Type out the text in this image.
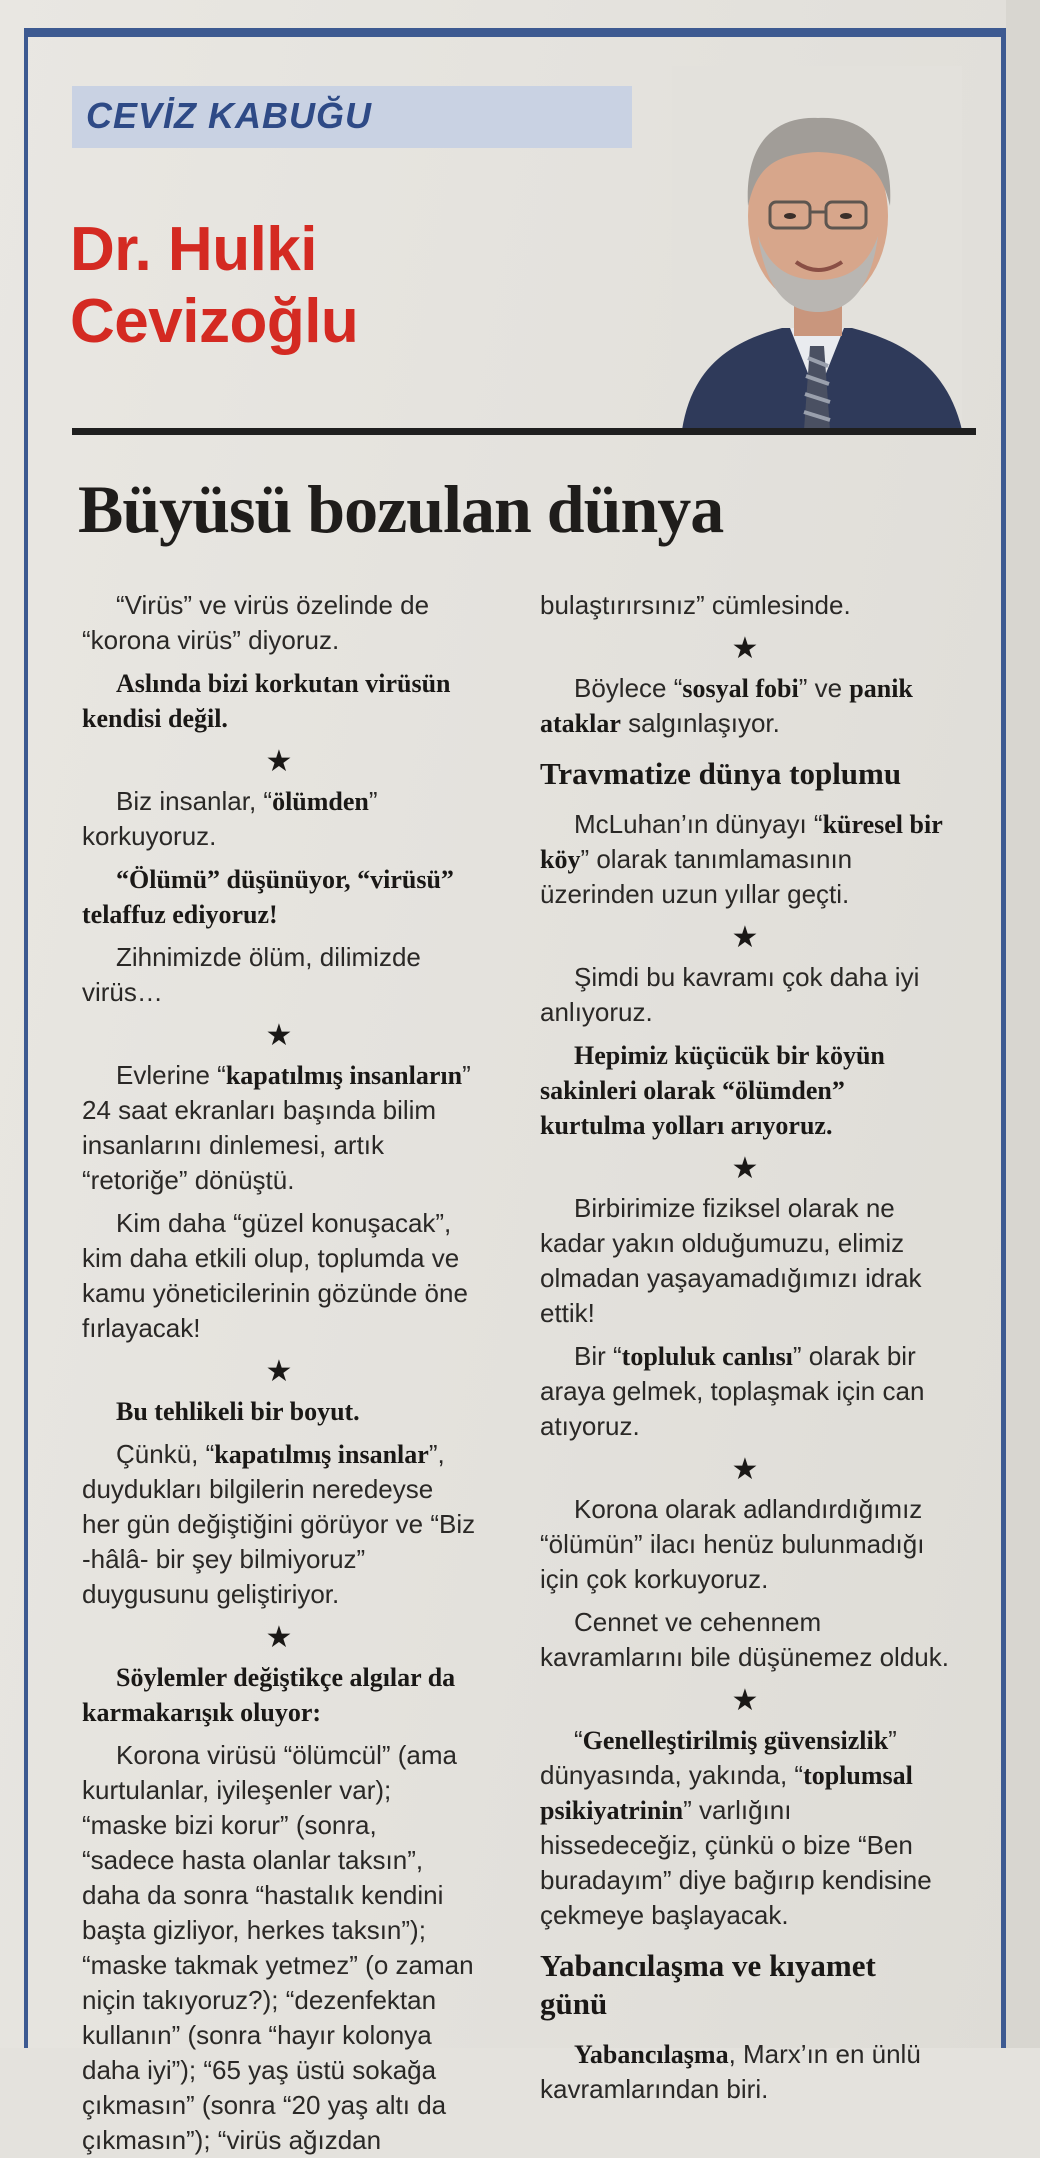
CEVİZ KABUĞU
Dr. Hulki Cevizoğlu
Büyüsü bozulan dünya

“Virüs” ve virüs özelinde de “korona virüs” diyoruz.

Aslında bizi korkutan virüsün kendisi değil.

★

Biz insanlar, “ölümden” korkuyoruz.

“Ölümü” düşünüyor, “virüsü” telaffuz ediyoruz!

Zihnimizde ölüm, dilimizde virüs…

★

Evlerine “kapatılmış insanların” 24 saat ekranları başında bilim insanlarını dinlemesi, artık “retoriğe” dönüştü.

Kim daha “güzel konuşacak”, kim daha etkili olup, toplumda ve kamu yöneticilerinin gözünde öne fırlayacak!

★

Bu tehlikeli bir boyut.

Çünkü, “kapatılmış insanlar”, duydukları bilgilerin neredeyse her gün değiştiğini görüyor ve “Biz -hâlâ- bir şey bilmiyoruz” duygusunu geliştiriyor.

★

Söylemler değiştikçe algılar da karmakarışık oluyor:

Korona virüsü “ölümcül” (ama kurtulanlar, iyileşenler var); “maske bizi korur” (sonra, “sadece hasta olanlar taksın”, daha da sonra “hastalık kendini başta gizliyor, herkes taksın”); “maske takmak yetmez” (o zaman niçin takıyoruz?); “dezenfektan kullanın” (sonra “hayır kolonya daha iyi”); “65 yaş üstü sokağa çıkmasın” (sonra “20 yaş altı da çıkmasın”); “virüs ağızdan

bulaştırırsınız” cümlesinde.

★

Böylece “sosyal fobi” ve panik ataklar salgınlaşıyor.

Travmatize dünya toplumu

McLuhan’ın dünyayı “küresel bir köy” olarak tanımlamasının üzerinden uzun yıllar geçti.

★

Şimdi bu kavramı çok daha iyi anlıyoruz.

Hepimiz küçücük bir köyün sakinleri olarak “ölümden” kurtulma yolları arıyoruz.

★

Birbirimize fiziksel olarak ne kadar yakın olduğumuzu, elimiz olmadan yaşayamadığımızı idrak ettik!

Bir “topluluk canlısı” olarak bir araya gelmek, toplaşmak için can atıyoruz.

★

Korona olarak adlandırdığımız “ölümün” ilacı henüz bulunmadığı için çok korkuyoruz.

Cennet ve cehennem kavramlarını bile düşünemez olduk.

★

“Genelleştirilmiş güvensizlik” dünyasında, yakında, “toplumsal psikiyatrinin” varlığını hissedeceğiz, çünkü o bize “Ben buradayım” diye bağırıp kendisine çekmeye başlayacak.

Yabancılaşma ve kıyamet günü

Yabancılaşma, Marx’ın en ünlü kavramlarından biri.
